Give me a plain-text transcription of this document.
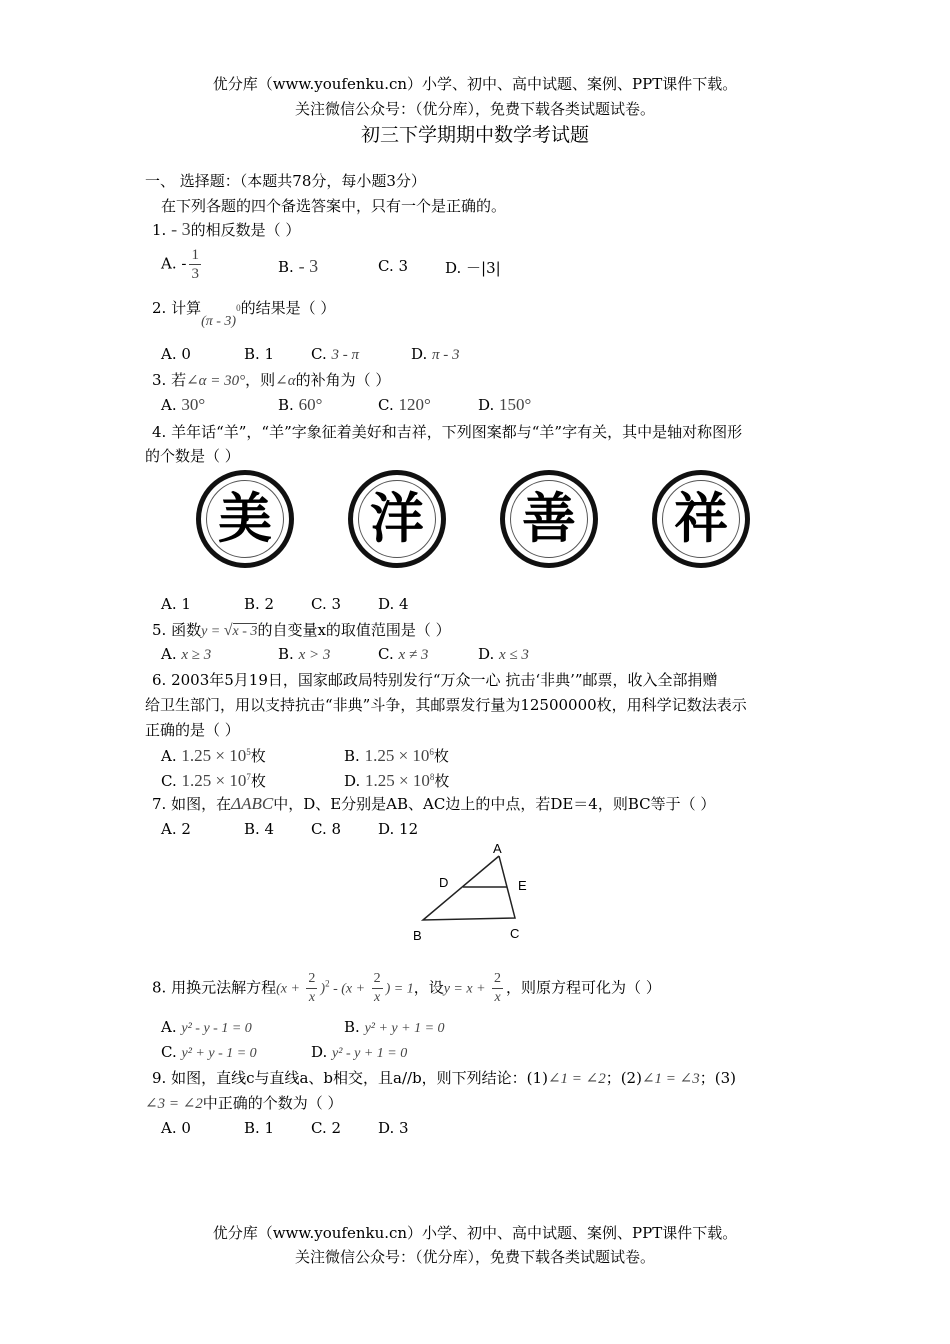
优分库（www.youfenku.cn）小学、初中、高中试题、案例、PPT课件下载。
关注微信公众号：（优分库），免费下载各类试题试卷。
初三下学期期中数学考试题
一、 选择题：（本题共78分，每小题3分）
在下列各题的四个备选答案中，只有一个是正确的。
1. - 3的相反数是（ ）
A. - $\frac{1}{3}$	B. - 3	C. 3 D. －|3|
2. 计算(π - 3)$^0$的结果是（ ）
A. 0	B. 1 C. 3 - π	D. π - 3
3. 若∠α = 30°，则∠α的补角为（ ）
A. 30°	B. 60°	C. 120°	D. 150°
4. 羊年话“羊”，“羊”字象征着美好和吉祥，下列图案都与“羊”字有关，其中是轴对称图形
的个数是（ ）
美	洋	善	祥
A. 1	B. 2 C. 3 D. 4
5. 函数y = √x - 3的自变量x的取值范围是（ ）
A. x ≥ 3	B. x > 3	C. x ≠ 3	D. x ≤ 3
6. 2003年5月19日，国家邮政局特别发行“万众一心 抗击‘非典’”邮票，收入全部捐赠
给卫生部门，用以支持抗击“非典”斗争，其邮票发行量为12500000枚，用科学记数法表示
正确的是（ ）
A. $1.25 \times 10^5$枚	B. $1.25 \times 10^6$枚
C. $1.25 \times 10^7$枚	D. $1.25 \times 10^8$枚
7. 如图，在ΔABC中，D、E分别是AB、AC边上的中点，若DE＝4，则BC等于（ ）
A. 2	B. 4 C. 8 D. 12
A
D	E
B	C
8. 用换元法解方程$(x + \frac{2}{x} )^2 - (x + \frac{2}{x}$ ) = 1，设$y = x + \frac{2}{x}$ ，则原方程可化为（ ）
A. y² - y - 1 = 0	B. y² + y + 1 = 0
C. y² + y - 1 = 0	D. y² - y + 1 = 0
9. 如图，直线c与直线a、b相交，且a//b，则下列结论：(1)∠1 = ∠2；(2)∠1 = ∠3；(3)
∠3 = ∠2中正确的个数为（ ）
A. 0	B. 1 C. 2 D. 3
优分库（www.youfenku.cn）小学、初中、高中试题、案例、PPT课件下载。
关注微信公众号：（优分库），免费下载各类试题试卷。
